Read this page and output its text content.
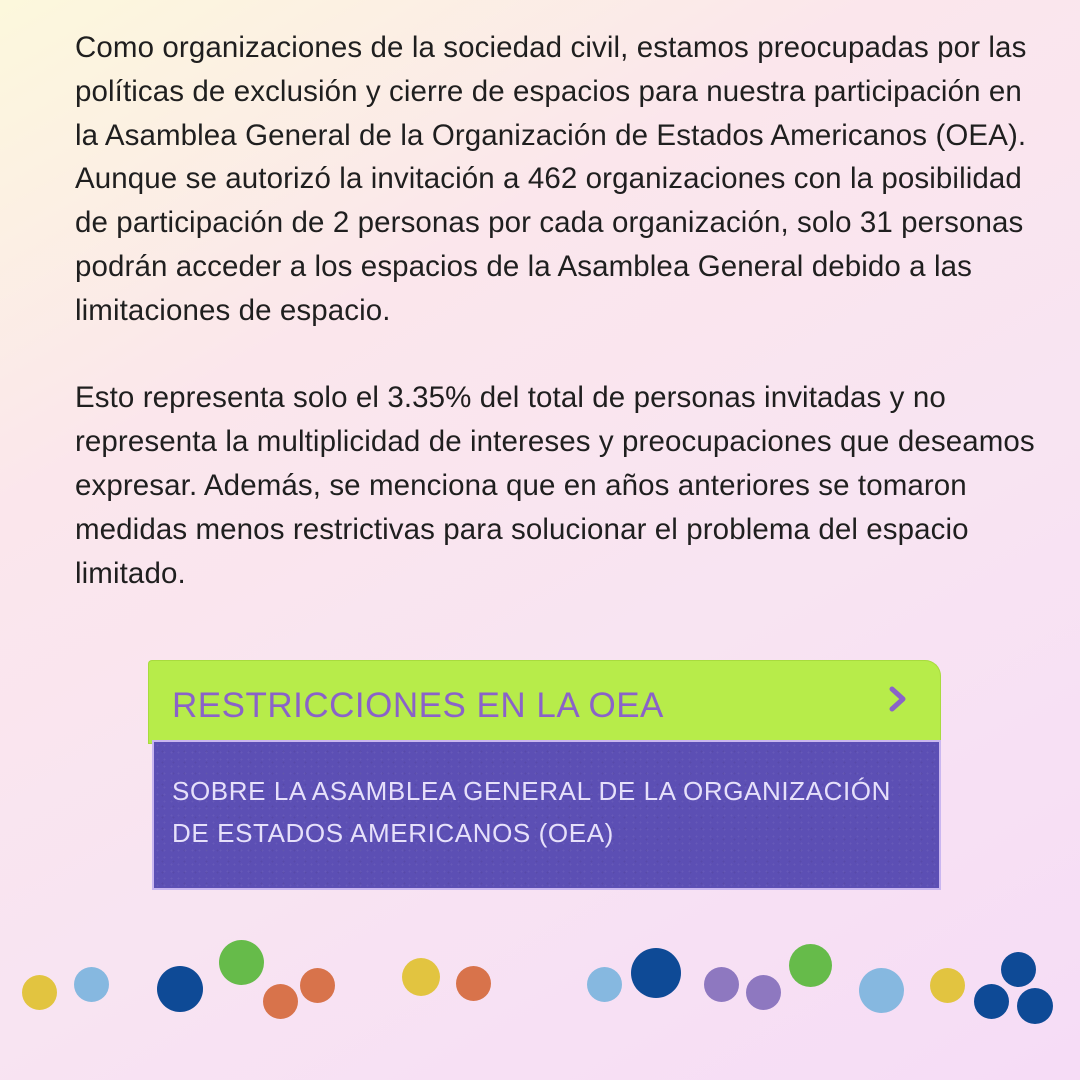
Como organizaciones de la sociedad civil, estamos preocupadas por las políticas de exclusión y cierre de espacios para nuestra participación en la Asamblea General de la Organización de Estados Americanos (OEA). Aunque se autorizó la invitación a 462 organizaciones con la posibilidad de participación de 2 personas por cada organización, solo 31 personas podrán acceder a los espacios de la Asamblea General debido a las limitaciones de espacio.

Esto representa solo el 3.35% del total de personas invitadas y no representa la multiplicidad de intereses y preocupaciones que deseamos expresar. Además, se menciona que en años anteriores se tomaron medidas menos restrictivas para solucionar el problema del espacio limitado.

RESTRICCIONES EN LA OEA
SOBRE LA ASAMBLEA GENERAL DE LA ORGANIZACIÓN DE ESTADOS AMERICANOS (OEA)
